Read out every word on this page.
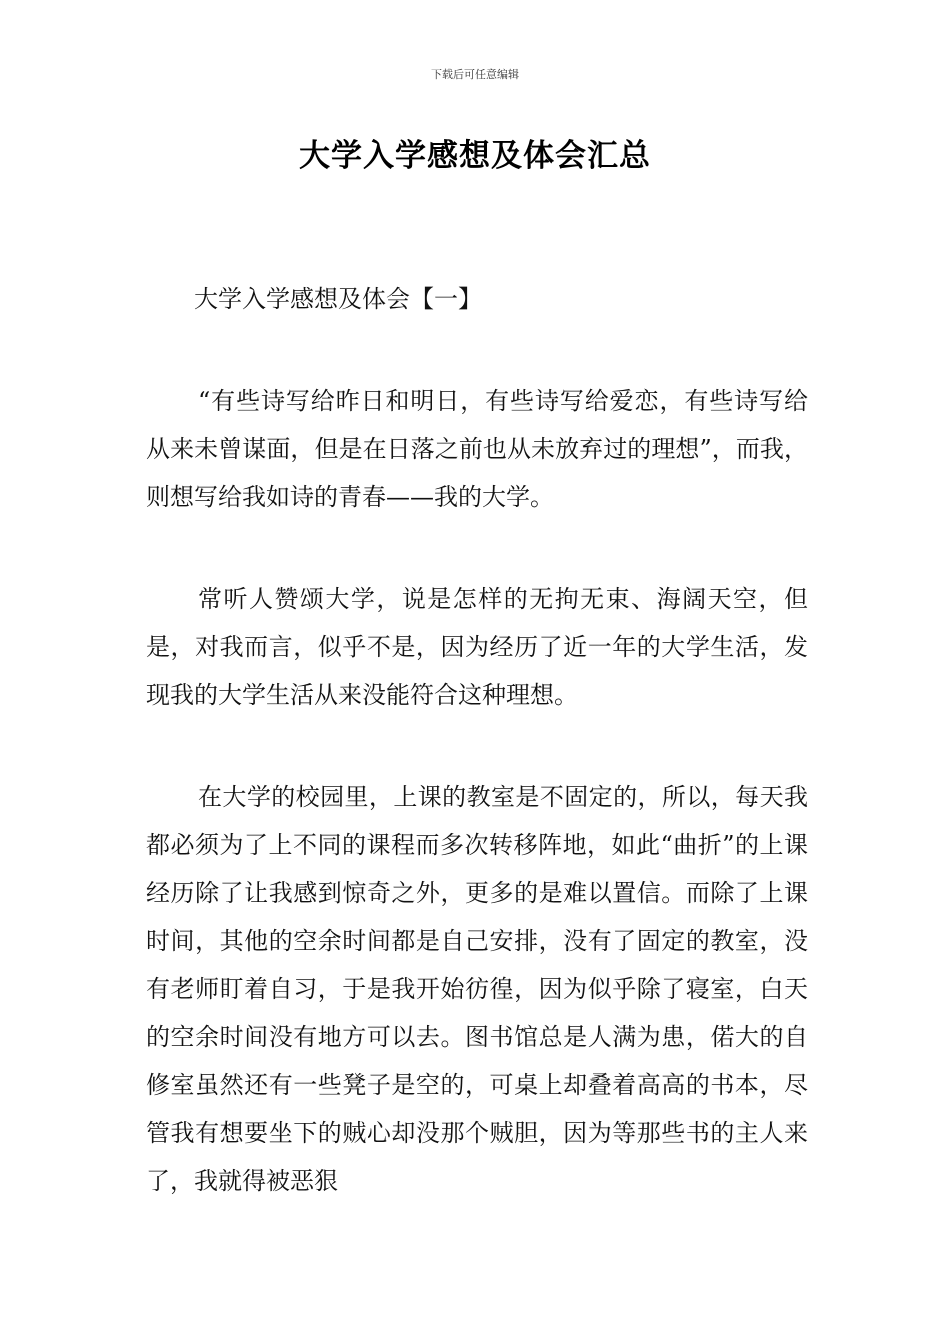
下载后可任意编辑
大学入学感想及体会汇总

大学入学感想及体会【一】

“有些诗写给昨日和明日，有些诗写给爱恋，有些诗写给从来未曾谋面，但是在日落之前也从未放弃过的理想”，而我，则想写给我如诗的青春——我的大学。

常听人赞颂大学，说是怎样的无拘无束、海阔天空，但是，对我而言，似乎不是，因为经历了近一年的大学生活，发现我的大学生活从来没能符合这种理想。

在大学的校园里，上课的教室是不固定的，所以，每天我都必须为了上不同的课程而多次转移阵地，如此“曲折”的上课经历除了让我感到惊奇之外，更多的是难以置信。而除了上课时间，其他的空余时间都是自己安排，没有了固定的教室，没有老师盯着自习，于是我开始彷徨，因为似乎除了寝室，白天的空余时间没有地方可以去。图书馆总是人满为患，偌大的自修室虽然还有一些凳子是空的，可桌上却叠着高高的书本，尽管我有想要坐下的贼心却没那个贼胆，因为等那些书的主人来了，我就得被恶狠
